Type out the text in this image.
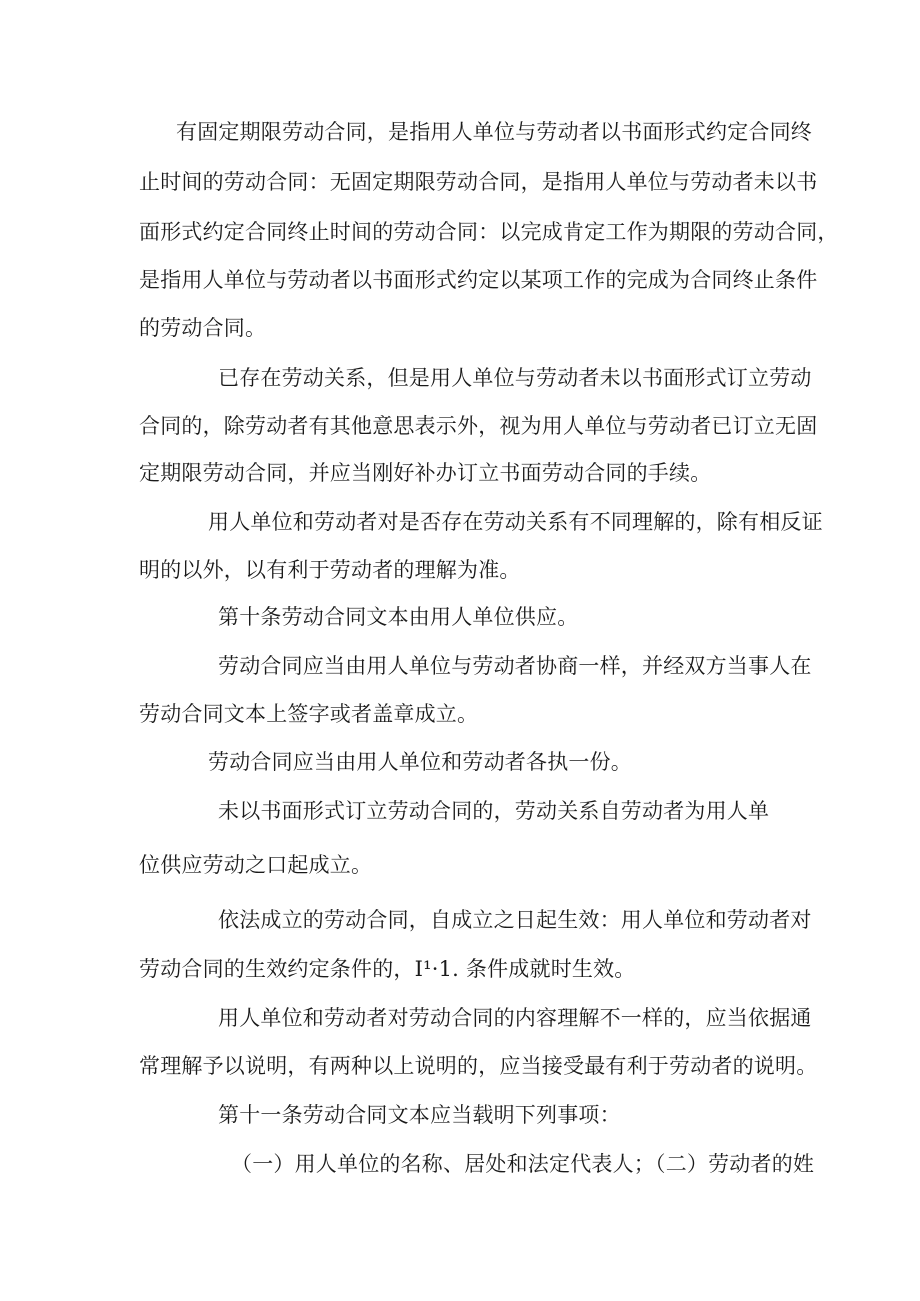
有固定期限劳动合同，是指用人单位与劳动者以书面形式约定合同终
止时间的劳动合同：无固定期限劳动合同，是指用人单位与劳动者未以书
面形式约定合同终止时间的劳动合同：以完成肯定工作为期限的劳动合同，
是指用人单位与劳动者以书面形式约定以某项工作的完成为合同终止条件
的劳动合同。
已存在劳动关系，但是用人单位与劳动者未以书面形式订立劳动
合同的，除劳动者有其他意思表示外，视为用人单位与劳动者已订立无固
定期限劳动合同，并应当刚好补办订立书面劳动合同的手续。
用人单位和劳动者对是否存在劳动关系有不同理解的，除有相反证
明的以外，以有利于劳动者的理解为准。
第十条劳动合同文本由用人单位供应。
劳动合同应当由用人单位与劳动者协商一样，并经双方当事人在
劳动合同文本上签字或者盖章成立。
劳动合同应当由用人单位和劳动者各执一份。
未以书面形式订立劳动合同的，劳动关系自劳动者为用人单
位供应劳动之口起成立。
依法成立的劳动合同，自成立之日起生效：用人单位和劳动者对
劳动合同的生效约定条件的，I¹·1. 条件成就时生效。
用人单位和劳动者对劳动合同的内容理解不一样的，应当依据通
常理解予以说明，有两种以上说明的，应当接受最有利于劳动者的说明。
第十一条劳动合同文本应当载明下列事项：
（一）用人单位的名称、居处和法定代表人；（二）劳动者的姓
